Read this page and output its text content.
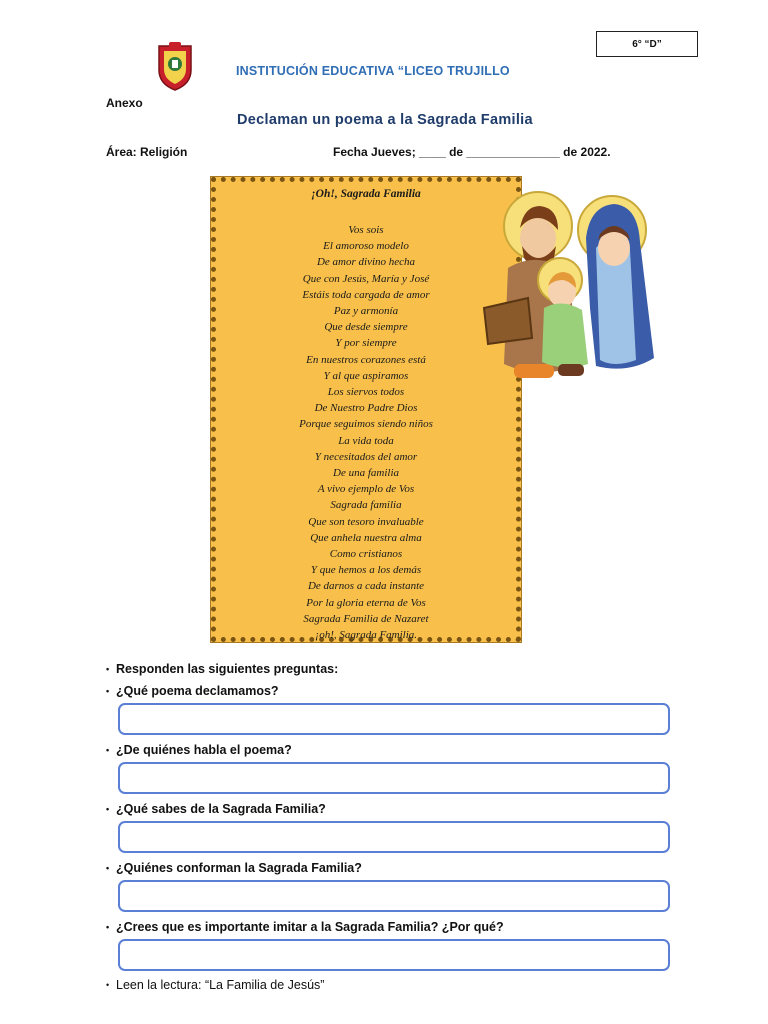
6° “D”
INSTITUCIÓN EDUCATIVA “LICEO TRUJILLO
Anexo
Declaman un poema a la Sagrada Familia
Área: Religión	Fecha Jueves; ____ de ______________ de 2022.
¡Oh!, Sagrada Familia
Vos sois
El amoroso modelo
De amor divino hecha
Que con Jesús, María y José
Estáis toda cargada de amor
Paz y armonía
Que desde siempre
Y por siempre
En nuestros corazones está
Y al que aspiramos
Los siervos todos
De Nuestro Padre Dios
Porque seguimos siendo niños
La vida toda
Y necesitados del amor
De una familia
A vivo ejemplo de Vos
Sagrada familia
Que son tesoro invaluable
Que anhela nuestra alma
Como cristianos
Y que hemos a los demás
De darnos a cada instante
Por la gloria eterna de Vos
Sagrada Familia de Nazaret
¡oh!, Sagrada Familia.
• Responden las siguientes preguntas:
• ¿Qué poema declamamos?
• ¿De quiénes habla el poema?
• ¿Qué sabes de la Sagrada Familia?
• ¿Quiénes conforman la Sagrada Familia?
• ¿Crees que es importante imitar a la Sagrada Familia? ¿Por qué?
• Leen la lectura: “La Familia de Jesús”
